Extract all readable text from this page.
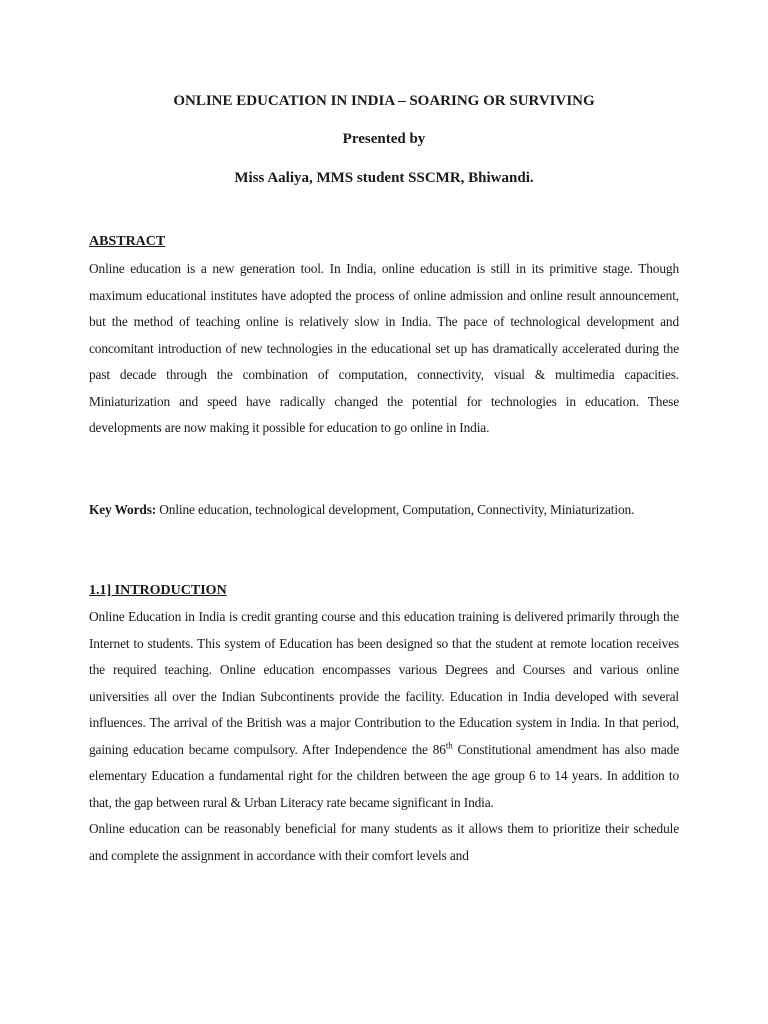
ONLINE EDUCATION IN INDIA – SOARING OR SURVIVING

Presented by

Miss Aaliya, MMS student SSCMR, Bhiwandi.

ABSTRACT

Online education is a new generation tool. In India, online education is still in its primitive stage. Though maximum educational institutes have adopted the process of online admission and online result announcement, but the method of teaching online is relatively slow in India. The pace of technological development and concomitant introduction of new technologies in the educational set up has dramatically accelerated during the past decade through the combination of computation, connectivity, visual & multimedia capacities. Miniaturization and speed have radically changed the potential for technologies in education. These developments are now making it possible for education to go online in India.

Key Words: Online education, technological development, Computation, Connectivity, Miniaturization.

1.1] INTRODUCTION

Online Education in India is credit granting course and this education training is delivered primarily through the Internet to students. This system of Education has been designed so that the student at remote location receives the required teaching. Online education encompasses various Degrees and Courses and various online universities all over the Indian Subcontinents provide the facility. Education in India developed with several influences. The arrival of the British was a major Contribution to the Education system in India. In that period, gaining education became compulsory. After Independence the 86th Constitutional amendment has also made elementary Education a fundamental right for the children between the age group 6 to 14 years. In addition to that, the gap between rural & Urban Literacy rate became significant in India.
Online education can be reasonably beneficial for many students as it allows them to prioritize their schedule and complete the assignment in accordance with their comfort levels and
